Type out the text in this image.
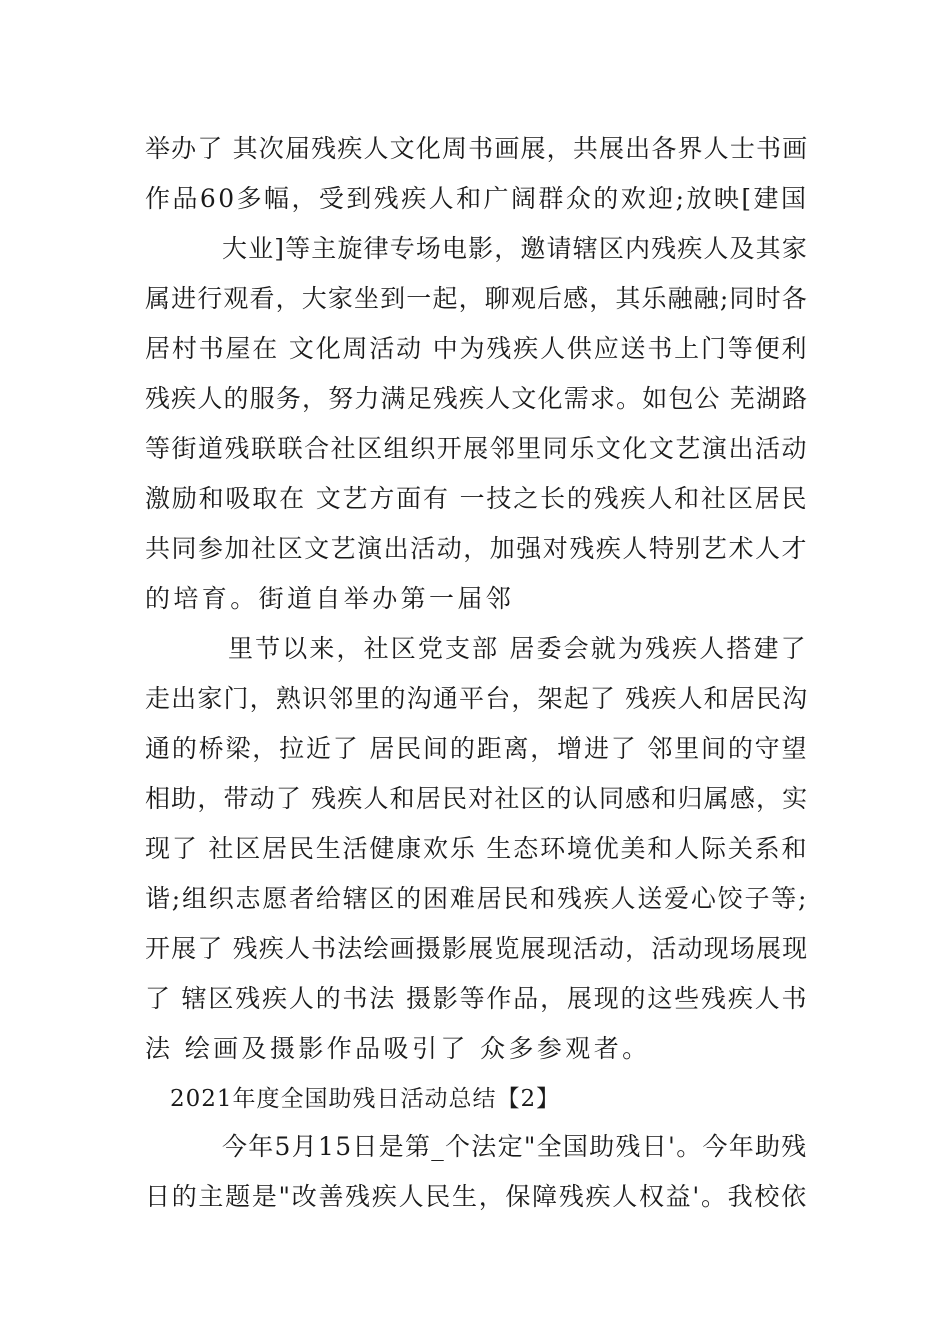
举办了 其次届残疾人文化周书画展，共展出各界人士书画
作品60多幅，受到残疾人和广阔群众的欢迎;放映[建国
大业]等主旋律专场电影，邀请辖区内残疾人及其家
属进行观看，大家坐到一起，聊观后感，其乐融融;同时各
居村书屋在 文化周活动 中为残疾人供应送书上门等便利
残疾人的服务，努力满足残疾人文化需求。如包公 芜湖路
等街道残联联合社区组织开展邻里同乐文化文艺演出活动
激励和吸取在 文艺方面有 一技之长的残疾人和社区居民
共同参加社区文艺演出活动，加强对残疾人特别艺术人才
的培育。街道自举办第一届邻
里节以来，社区党支部 居委会就为残疾人搭建了
走出家门，熟识邻里的沟通平台，架起了 残疾人和居民沟
通的桥梁，拉近了 居民间的距离，增进了 邻里间的守望
相助，带动了 残疾人和居民对社区的认同感和归属感，实
现了 社区居民生活健康欢乐 生态环境优美和人际关系和
谐;组织志愿者给辖区的困难居民和残疾人送爱心饺子等;
开展了 残疾人书法绘画摄影展览展现活动，活动现场展现
了 辖区残疾人的书法 摄影等作品，展现的这些残疾人书
法 绘画及摄影作品吸引了 众多参观者。
2021年度全国助残日活动总结【2】
今年5月15日是第_个法定"全国助残日'。今年助残
日的主题是"改善残疾人民生，保障残疾人权益'。我校依
